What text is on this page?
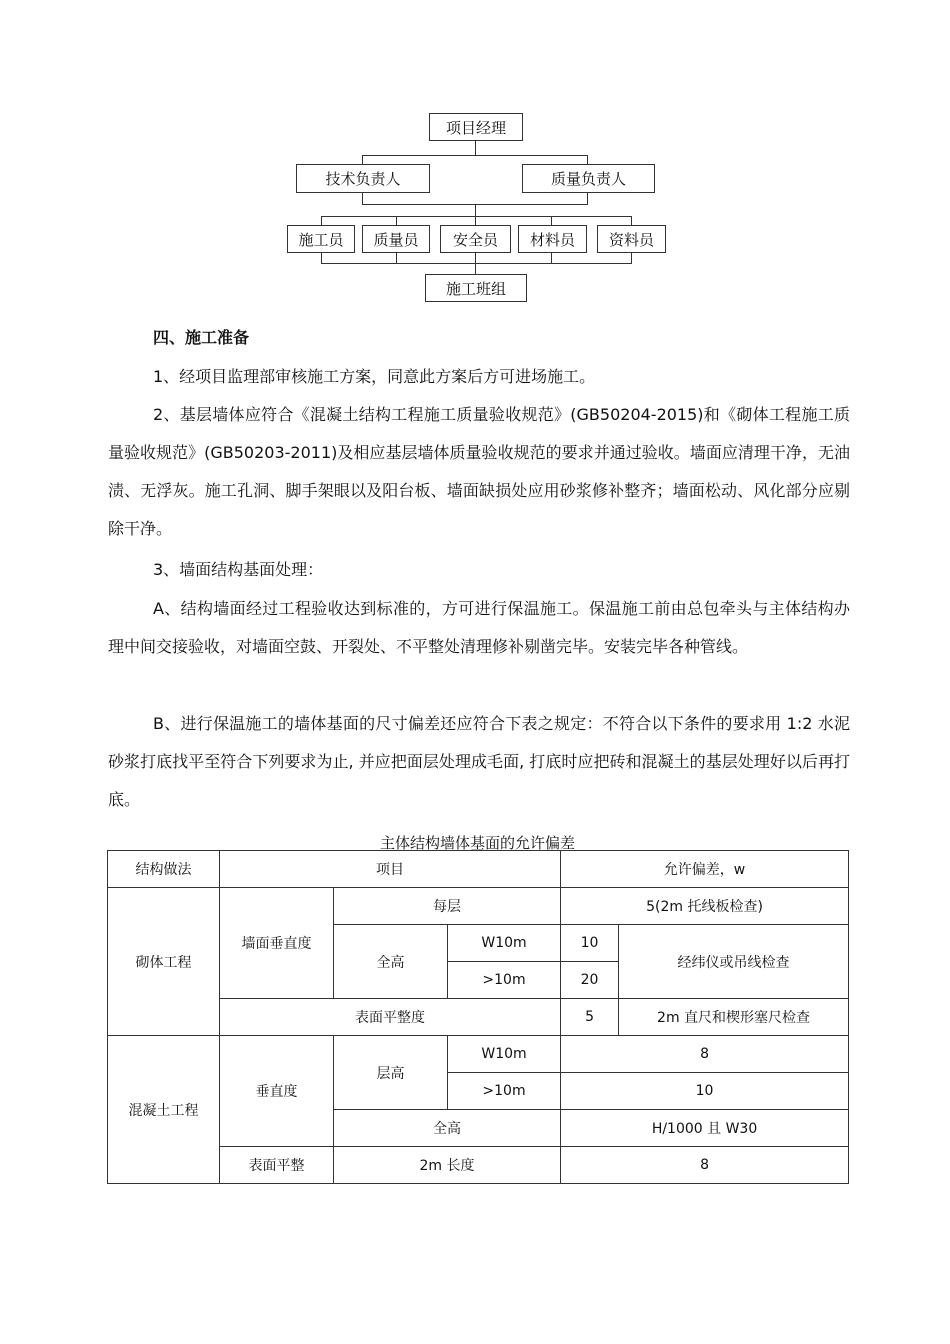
项目经理
技术负责人	质量负责人
施工员	质量员	安全员	材料员	资料员
施工班组
四、施工准备
1、经项目监理部审核施工方案，同意此方案后方可进场施工。
2、基层墙体应符合《混凝土结构工程施工质量验收规范》(GB50204-2015)和《砌体工程施工质量验收规范》(GB50203-2011)及相应基层墙体质量验收规范的要求并通过验收。墙面应清理干净，无油渍、无浮灰。施工孔洞、脚手架眼以及阳台板、墙面缺损处应用砂浆修补整齐；墙面松动、风化部分应剔除干净。
3、墙面结构基面处理：
A、结构墙面经过工程验收达到标准的，方可进行保温施工。保温施工前由总包牵头与主体结构办理中间交接验收，对墙面空鼓、开裂处、不平整处清理修补剔凿完毕。安装完毕各种管线。
B、进行保温施工的墙体基面的尺寸偏差还应符合下表之规定：不符合以下条件的要求用 1:2 水泥砂浆打底找平至符合下列要求为止, 并应把面层处理成毛面, 打底时应把砖和混凝土的基层处理好以后再打底。
主体结构墙体基面的允许偏差
结构做法	项目			允许偏差，w	
砌体工程	墙面垂直度	每层		5(2m 托线板检查)	
		全高	W10m	10	经纬仪或吊线检查
			>10m	20	
	表面平整度			5	2m 直尺和楔形塞尺检查
混凝土工程	垂直度	层高	W10m	8	
			>10m	10	
		全高		H/1000 且 W30	
	表面平整	2m 长度		8	
